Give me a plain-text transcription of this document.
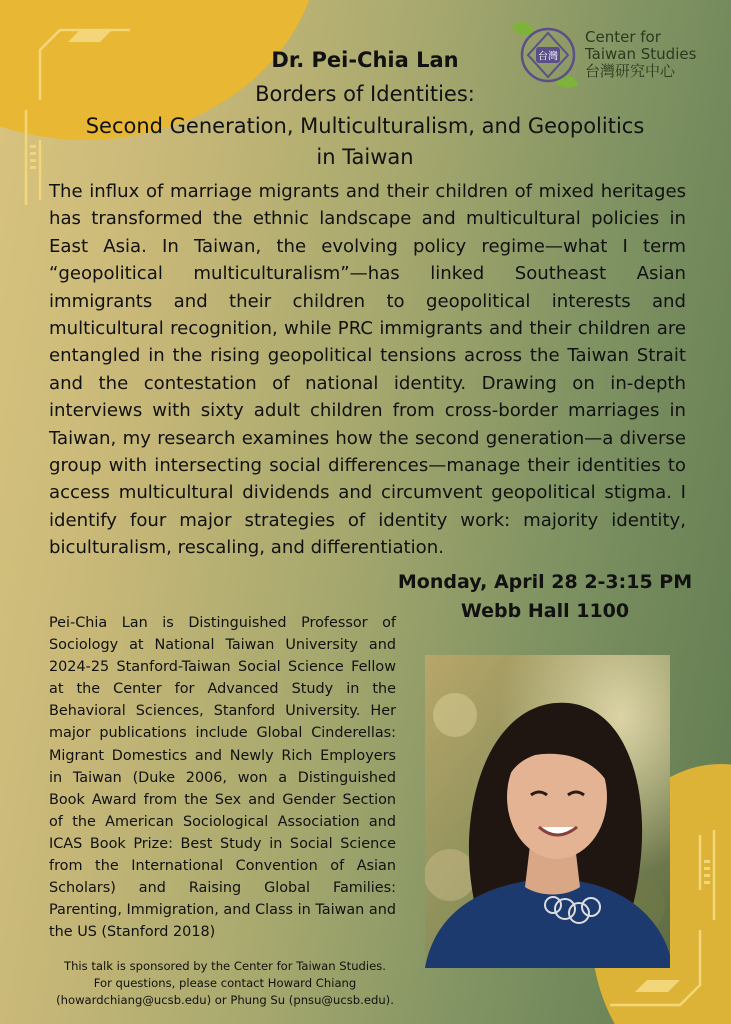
台灣
Center for
Taiwan Studies
台灣研究中心
Dr. Pei-Chia Lan
Borders of Identities:
Second Generation, Multiculturalism, and Geopolitics
in Taiwan

The influx of marriage migrants and their children of mixed heritages has transformed the ethnic landscape and multicultural policies in East Asia. In Taiwan, the evolving policy regime—what I term “geopolitical multiculturalism”—has linked Southeast Asian immigrants and their children to geopolitical interests and multicultural recognition, while PRC immigrants and their children are entangled in the rising geopolitical tensions across the Taiwan Strait and the contestation of national identity. Drawing on in-depth interviews with sixty adult children from cross-border marriages in Taiwan, my research examines how the second generation—a diverse group with intersecting social differences—manage their identities to access multicultural dividends and circumvent geopolitical stigma. I identify four major strategies of identity work: majority identity, biculturalism, rescaling, and differentiation.

Monday, April 28 2-3:15 PM
Webb Hall 1100

Pei-Chia Lan is Distinguished Professor of Sociology at National Taiwan University and 2024-25 Stanford-Taiwan Social Science Fellow at the Center for Advanced Study in the Behavioral Sciences, Stanford University. Her major publications include Global Cinderellas: Migrant Domestics and Newly Rich Employers in Taiwan (Duke 2006, won a Distinguished Book Award from the Sex and Gender Section of the American Sociological Association and ICAS Book Prize: Best Study in Social Science from the International Convention of Asian Scholars) and Raising Global Families: Parenting, Immigration, and Class in Taiwan and the US (Stanford 2018)

This talk is sponsored by the Center for Taiwan Studies.
For questions, please contact Howard Chiang
(howardchiang@ucsb.edu) or Phung Su (pnsu@ucsb.edu).
